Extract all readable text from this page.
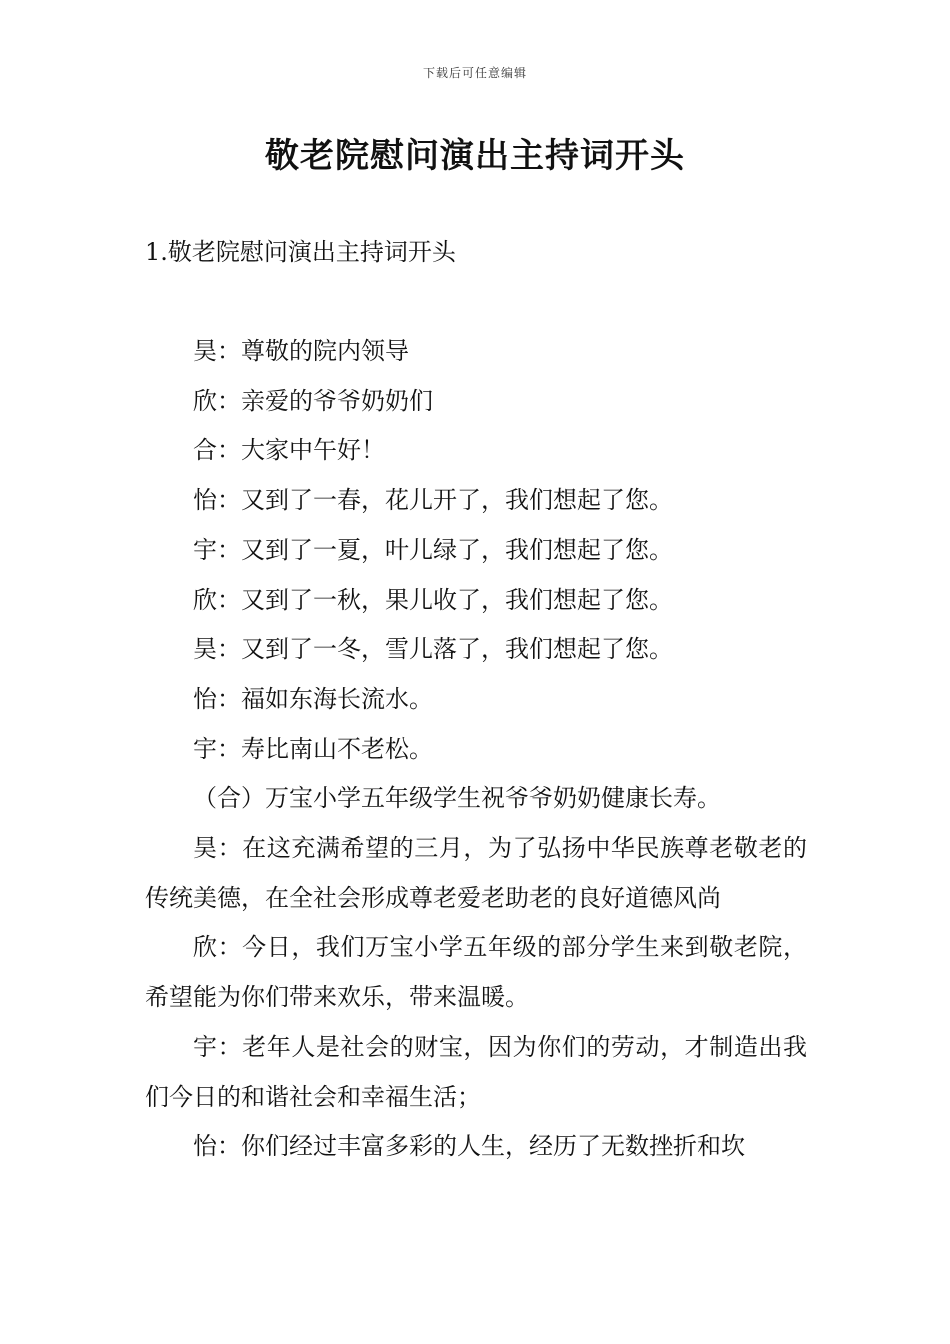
下载后可任意编辑
敬老院慰问演出主持词开头
1.敬老院慰问演出主持词开头

昊：尊敬的院内领导

欣：亲爱的爷爷奶奶们

合：大家中午好！

怡：又到了一春，花儿开了，我们想起了您。

宇：又到了一夏，叶儿绿了，我们想起了您。

欣：又到了一秋，果儿收了，我们想起了您。

昊：又到了一冬，雪儿落了，我们想起了您。

怡：福如东海长流水。

宇：寿比南山不老松。

（合）万宝小学五年级学生祝爷爷奶奶健康长寿。

昊：在这充满希望的三月，为了弘扬中华民族尊老敬老的传统美德，在全社会形成尊老爱老助老的良好道德风尚

欣：今日，我们万宝小学五年级的部分学生来到敬老院，希望能为你们带来欢乐，带来温暖。

宇：老年人是社会的财宝，因为你们的劳动，才制造出我们今日的和谐社会和幸福生活；

怡：你们经过丰富多彩的人生，经历了无数挫折和坎
